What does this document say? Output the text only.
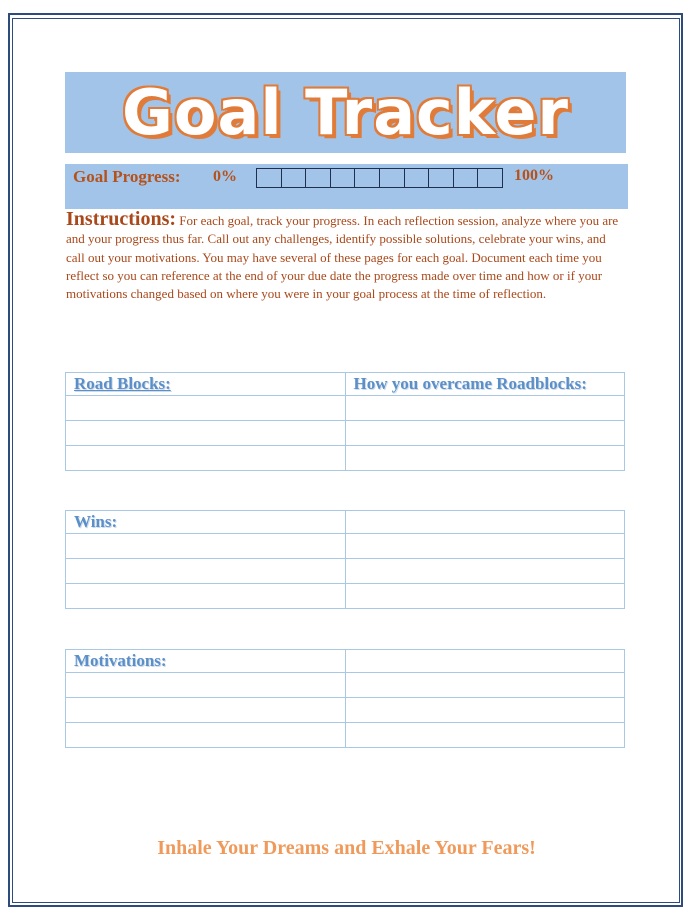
Goal Tracker
Goal Progress: 0%	100%
Instructions: For each goal, track your progress. In each reflection session, analyze where you are and your progress thus far. Call out any challenges, identify possible solutions, celebrate your wins, and call out your motivations. You may have several of these pages for each goal. Document each time you reflect so you can reference at the end of your due date the progress made over time and how or if your motivations changed based on where you were in your goal process at the time of reflection.
Road Blocks:	How you overcame Roadblocks:

Wins:	

Motivations:	

Inhale Your Dreams and Exhale Your Fears!
